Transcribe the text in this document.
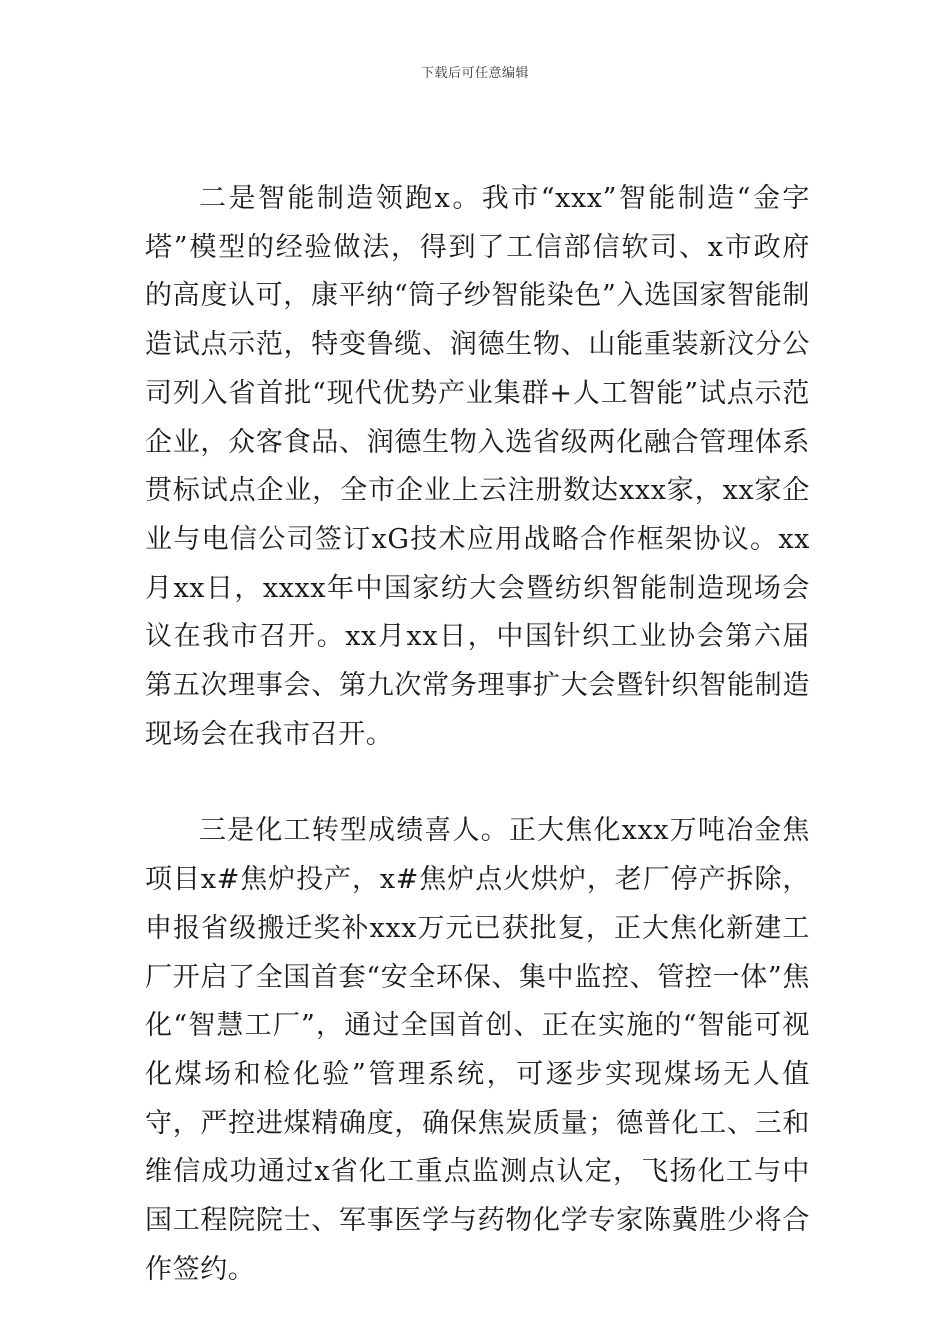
下载后可任意编辑

二是智能制造领跑x。我市“xxx”智能制造“金字塔”模型的经验做法，得到了工信部信软司、x市政府的高度认可，康平纳“筒子纱智能染色”入选国家智能制造试点示范，特变鲁缆、润德生物、山能重装新汶分公司列入省首批“现代优势产业集群+人工智能”试点示范企业，众客食品、润德生物入选省级两化融合管理体系贯标试点企业，全市企业上云注册数达xxx家，xx家企业与电信公司签订xG技术应用战略合作框架协议。xx月xx日，xxxx年中国家纺大会暨纺织智能制造现场会议在我市召开。xx月xx日，中国针织工业协会第六届第五次理事会、第九次常务理事扩大会暨针织智能制造现场会在我市召开。

三是化工转型成绩喜人。正大焦化xxx万吨冶金焦项目x#焦炉投产，x#焦炉点火烘炉，老厂停产拆除，申报省级搬迁奖补xxx万元已获批复，正大焦化新建工厂开启了全国首套“安全环保、集中监控、管控一体”焦化“智慧工厂”，通过全国首创、正在实施的“智能可视化煤场和检化验”管理系统，可逐步实现煤场无人值守，严控进煤精确度，确保焦炭质量；德普化工、三和维信成功通过x省化工重点监测点认定，飞扬化工与中国工程院院士、军事医学与药物化学专家陈冀胜少将合作签约。
